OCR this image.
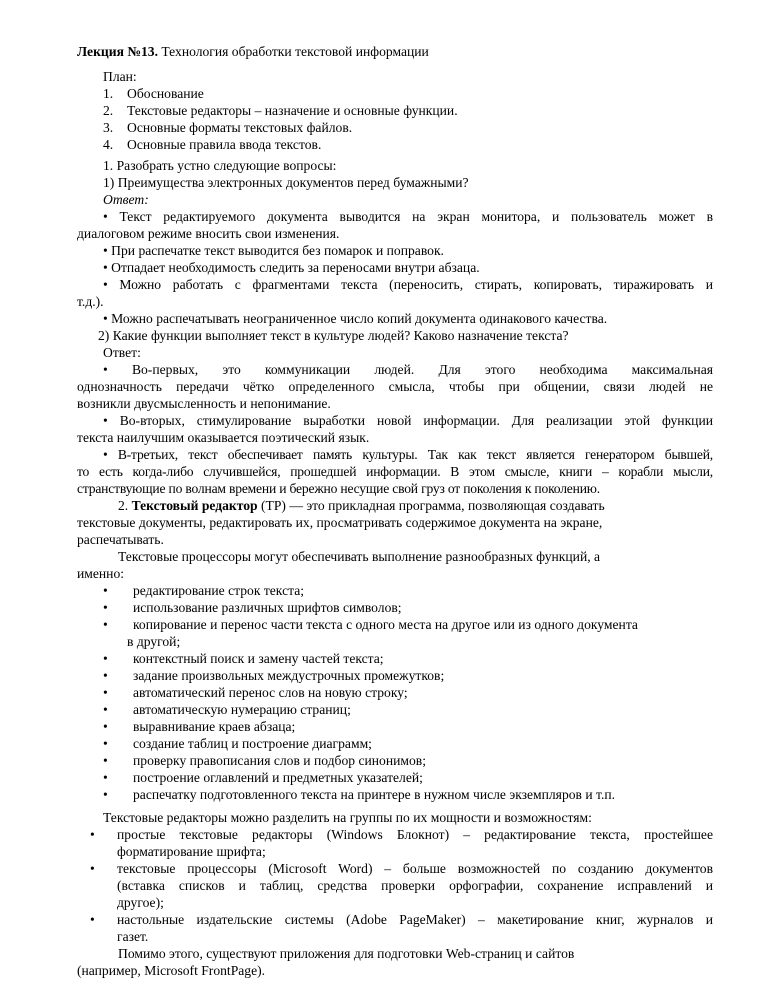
Лекция №13. Технология обработки текстовой информации
План:
1. Обоснование
2. Текстовые редакторы – назначение и основные функции.
3. Основные форматы текстовых файлов.
4. Основные правила ввода текстов.
1. Разобрать устно следующие вопросы:
1) Преимущества электронных документов перед бумажными?
Ответ:
• Текст редактируемого документа выводится на экран монитора, и пользователь может в
диалоговом режиме вносить свои изменения.
• При распечатке текст выводится без помарок и поправок.
• Отпадает необходимость следить за переносами внутри абзаца.
• Можно работать с фрагментами текста (переносить, стирать, копировать, тиражировать и
т.д.).
• Можно распечатывать неограниченное число копий документа одинакового качества.
2) Какие функции выполняет текст в культуре людей? Каково назначение текста?
Ответ:
• Во-первых, это коммуникации людей. Для этого необходима максимальная
однозначность передачи чётко определенного смысла, чтобы при общении, связи людей не
возникли двусмысленность и непонимание.
• Во-вторых, стимулирование выработки новой информации. Для реализации этой функции
текста наилучшим оказывается поэтический язык.
• В-третьих, текст обеспечивает память культуры. Так как текст является генератором бывшей,
то есть когда-либо случившейся, прошедшей информации. В этом смысле, книги – корабли мысли,
странствующие по волнам времени и бережно несущие свой груз от поколения к поколению.
2. Текстовый редактор (ТР) — это прикладная программа, позволяющая создавать
текстовые документы, редактировать их, просматривать содержимое документа на экране,
распечатывать.
Текстовые процессоры могут обеспечивать выполнение разнообразных функций, а
именно:
• редактирование строк текста;
• использование различных шрифтов символов;
• копирование и перенос части текста с одного места на другое или из одного документа
в другой;
• контекстный поиск и замену частей текста;
• задание произвольных междустрочных промежутков;
• автоматический перенос слов на новую строку;
• автоматическую нумерацию страниц;
• выравнивание краев абзаца;
• создание таблиц и построение диаграмм;
• проверку правописания слов и подбор синонимов;
• построение оглавлений и предметных указателей;
• распечатку подготовленного текста на принтере в нужном числе экземпляров и т.п.
Текстовые редакторы можно разделить на группы по их мощности и возможностям:
• простые текстовые редакторы (Windows Блокнот) – редактирование текста, простейшее
форматирование шрифта;
• текстовые процессоры (Microsoft Word) – больше возможностей по созданию документов
(вставка списков и таблиц, средства проверки орфографии, сохранение исправлений и
другое);
• настольные издательские системы (Adobe PageMaker) – макетирование книг, журналов и
газет.
Помимо этого, существуют приложения для подготовки Web-страниц и сайтов
(например, Microsoft FrontPage).
